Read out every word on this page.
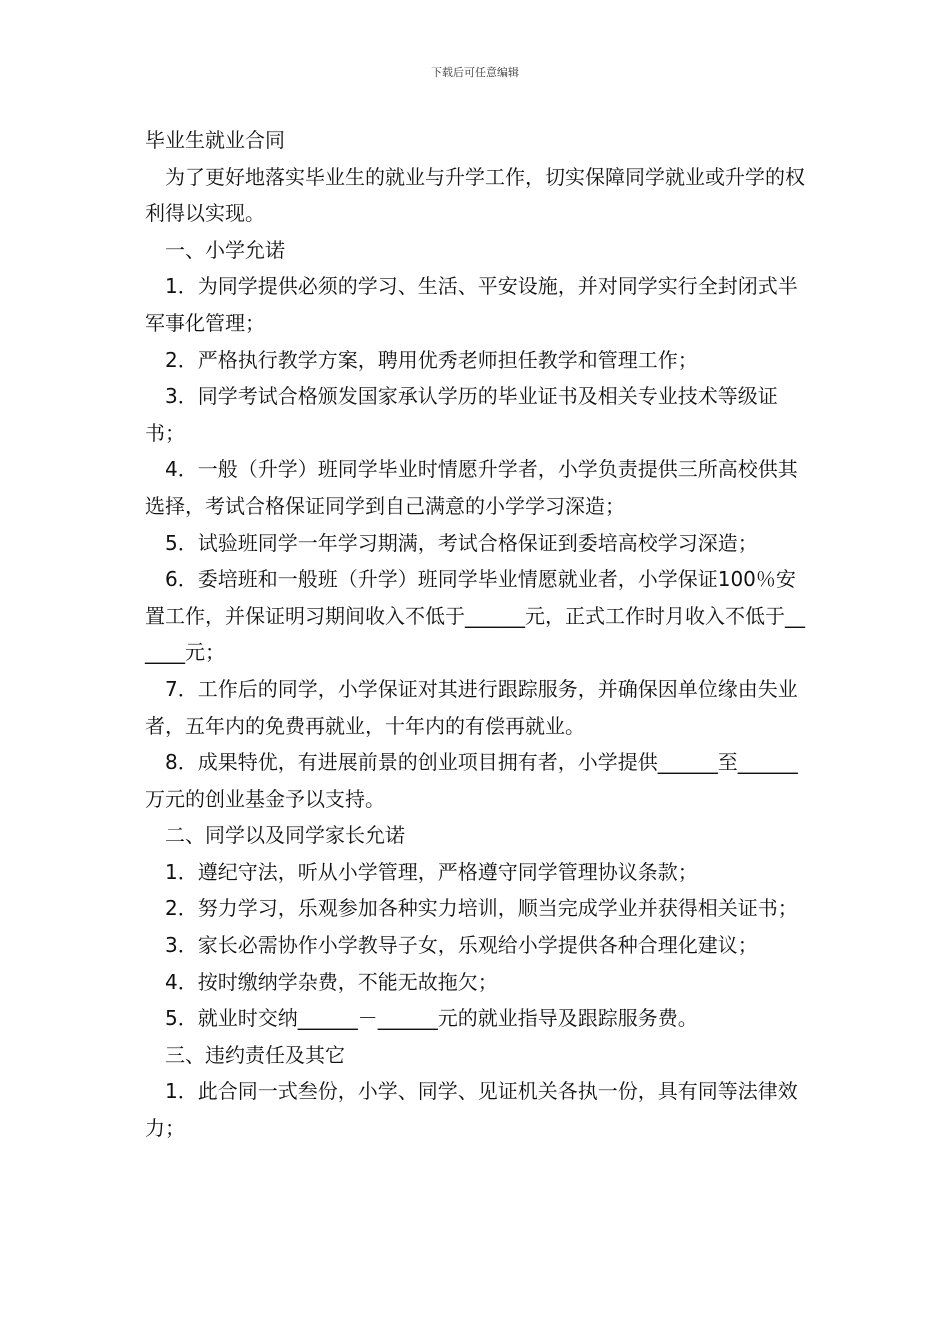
下载后可任意编辑

毕业生就业合同

为了更好地落实毕业生的就业与升学工作，切实保障同学就业或升学的权利得以实现。

一、小学允诺

1．为同学提供必须的学习、生活、平安设施，并对同学实行全封闭式半军事化管理；

2．严格执行教学方案，聘用优秀老师担任教学和管理工作；

3．同学考试合格颁发国家承认学历的毕业证书及相关专业技术等级证书；

4．一般（升学）班同学毕业时情愿升学者，小学负责提供三所高校供其选择，考试合格保证同学到自己满意的小学学习深造；

5．试验班同学一年学习期满，考试合格保证到委培高校学习深造；

6．委培班和一般班（升学）班同学毕业情愿就业者，小学保证100％安置工作，并保证明习期间收入不低于______元，正式工作时月收入不低于______元；

7．工作后的同学，小学保证对其进行跟踪服务，并确保因单位缘由失业者，五年内的免费再就业，十年内的有偿再就业。

8．成果特优，有进展前景的创业项目拥有者，小学提供______至______万元的创业基金予以支持。

二、同学以及同学家长允诺

1．遵纪守法，听从小学管理，严格遵守同学管理协议条款；

2．努力学习，乐观参加各种实力培训，顺当完成学业并获得相关证书；

3．家长必需协作小学教导子女，乐观给小学提供各种合理化建议；

4．按时缴纳学杂费，不能无故拖欠；

5．就业时交纳______－______元的就业指导及跟踪服务费。

三、违约责任及其它

1．此合同一式叁份，小学、同学、见证机关各执一份，具有同等法律效力；
